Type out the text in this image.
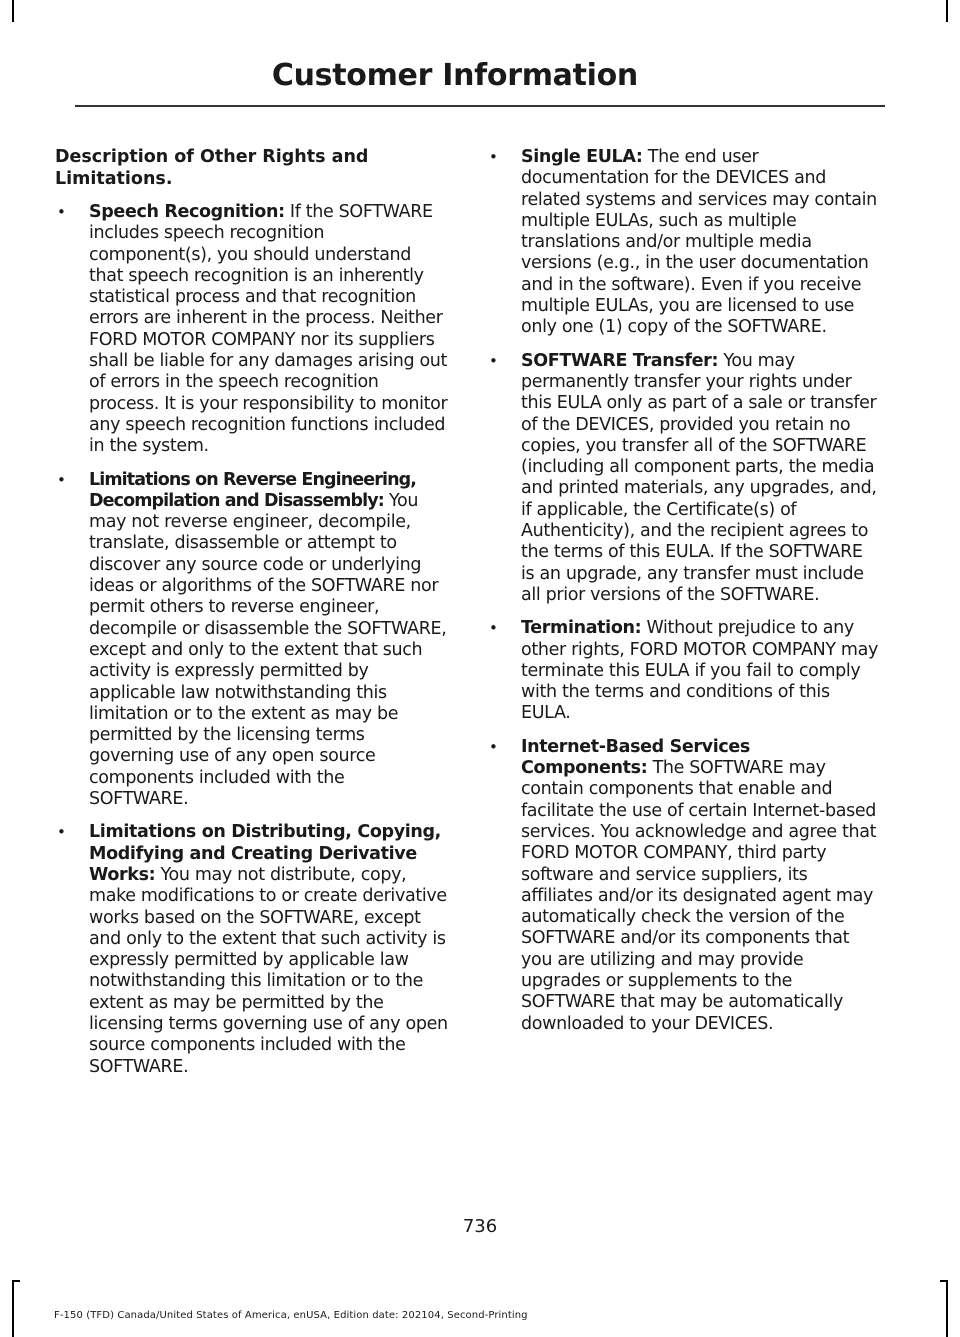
Customer Information

Description of Other Rights and Limitations.

• Speech Recognition: If the SOFTWARE includes speech recognition component(s), you should understand that speech recognition is an inherently statistical process and that recognition errors are inherent in the process. Neither FORD MOTOR COMPANY nor its suppliers shall be liable for any damages arising out of errors in the speech recognition process. It is your responsibility to monitor any speech recognition functions included in the system.
• Limitations on Reverse Engineering, Decompilation and Disassembly: You may not reverse engineer, decompile, translate, disassemble or attempt to discover any source code or underlying ideas or algorithms of the SOFTWARE nor permit others to reverse engineer, decompile or disassemble the SOFTWARE, except and only to the extent that such activity is expressly permitted by applicable law notwithstanding this limitation or to the extent as may be permitted by the licensing terms governing use of any open source components included with the SOFTWARE.
• Limitations on Distributing, Copying, Modifying and Creating Derivative Works: You may not distribute, copy, make modifications to or create derivative works based on the SOFTWARE, except and only to the extent that such activity is expressly permitted by applicable law notwithstanding this limitation or to the extent as may be permitted by the licensing terms governing use of any open source components included with the SOFTWARE.
• Single EULA: The end user documentation for the DEVICES and related systems and services may contain multiple EULAs, such as multiple translations and/or multiple media versions (e.g., in the user documentation and in the software). Even if you receive multiple EULAs, you are licensed to use only one (1) copy of the SOFTWARE.
• SOFTWARE Transfer: You may permanently transfer your rights under this EULA only as part of a sale or transfer of the DEVICES, provided you retain no copies, you transfer all of the SOFTWARE (including all component parts, the media and printed materials, any upgrades, and, if applicable, the Certificate(s) of Authenticity), and the recipient agrees to the terms of this EULA. If the SOFTWARE is an upgrade, any transfer must include all prior versions of the SOFTWARE.
• Termination: Without prejudice to any other rights, FORD MOTOR COMPANY may terminate this EULA if you fail to comply with the terms and conditions of this EULA.
• Internet-Based Services Components: The SOFTWARE may contain components that enable and facilitate the use of certain Internet-based services. You acknowledge and agree that FORD MOTOR COMPANY, third party software and service suppliers, its affiliates and/or its designated agent may automatically check the version of the SOFTWARE and/or its components that you are utilizing and may provide upgrades or supplements to the SOFTWARE that may be automatically downloaded to your DEVICES.
736
F-150 (TFD) Canada/United States of America, enUSA, Edition date: 202104, Second-Printing
